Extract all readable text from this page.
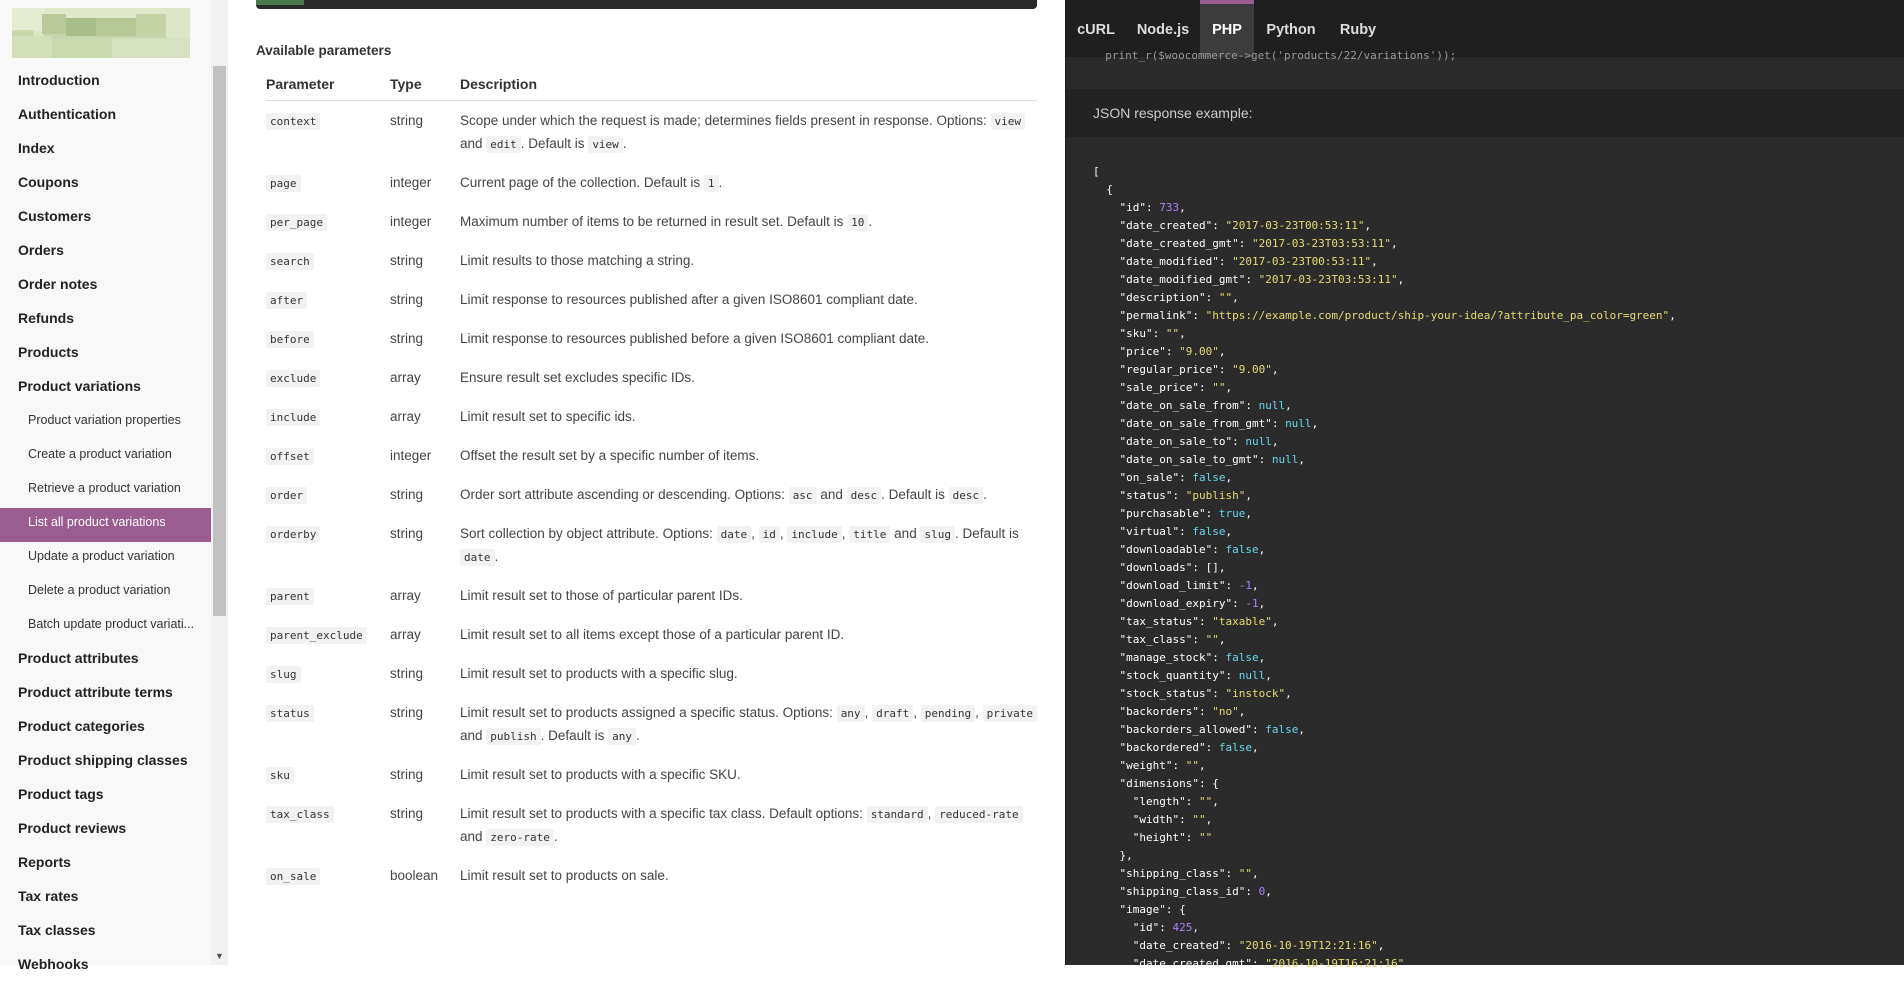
Introduction
Authentication
Index
Coupons
Customers
Orders
Order notes
Refunds
Products
Product variations
Product variation properties
Create a product variation
Retrieve a product variation
List all product variations
Update a product variation
Delete a product variation
Batch update product variati...
Product attributes
Product attribute terms
Product categories
Product shipping classes
Product tags
Product reviews
Reports
Tax rates
Tax classes
Webhooks	▼
Available parameters
Parameter	Type	Description
context	string	Scope under which the request is made; determines fields present in response. Options: view and edit . Default is view .
page	integer	Current page of the collection. Default is 1 .
per_page	integer	Maximum number of items to be returned in result set. Default is 10 .
search	string	Limit results to those matching a string.
after	string	Limit response to resources published after a given ISO8601 compliant date.
before	string	Limit response to resources published before a given ISO8601 compliant date.
exclude	array	Ensure result set excludes specific IDs.
include	array	Limit result set to specific ids.
offset	integer	Offset the result set by a specific number of items.
order	string	Order sort attribute ascending or descending. Options: asc and desc . Default is desc .
orderby	string	Sort collection by object attribute. Options: date , id , include , title and slug . Default is date .
parent	array	Limit result set to those of particular parent IDs.
parent_exclude	array	Limit result set to all items except those of a particular parent ID.
slug	string	Limit result set to products with a specific slug.
status	string	Limit result set to products assigned a specific status. Options: any , draft , pending , private and publish . Default is any .
sku	string	Limit result set to products with a specific SKU.
tax_class	string	Limit result set to products with a specific tax class. Default options: standard , reduced-rate and zero-rate .
on_sale	boolean	Limit result set to products on sale.
cURL	Node.js	PHP	Python	Ruby
print_r($woocommerce->get('products/22/variations'));
JSON response example:
[
{
"id": 733,
"date_created": "2017-03-23T00:53:11",
"date_created_gmt": "2017-03-23T03:53:11",
"date_modified": "2017-03-23T00:53:11",
"date_modified_gmt": "2017-03-23T03:53:11",
"description": "",
"permalink": "https://example.com/product/ship-your-idea/?attribute_pa_color=green",
"sku": "",
"price": "9.00",
"regular_price": "9.00",
"sale_price": "",
"date_on_sale_from": null,
"date_on_sale_from_gmt": null,
"date_on_sale_to": null,
"date_on_sale_to_gmt": null,
"on_sale": false,
"status": "publish",
"purchasable": true,
"virtual": false,
"downloadable": false,
"downloads": [],
"download_limit": -1,
"download_expiry": -1,
"tax_status": "taxable",
"tax_class": "",
"manage_stock": false,
"stock_quantity": null,
"stock_status": "instock",
"backorders": "no",
"backorders_allowed": false,
"backordered": false,
"weight": "",
"dimensions": {
"length": "",
"width": "",
"height": ""
},
"shipping_class": "",
"shipping_class_id": 0,
"image": {
"id": 425,
"date_created": "2016-10-19T12:21:16",
"date_created_gmt": "2016-10-19T16:21:16",
